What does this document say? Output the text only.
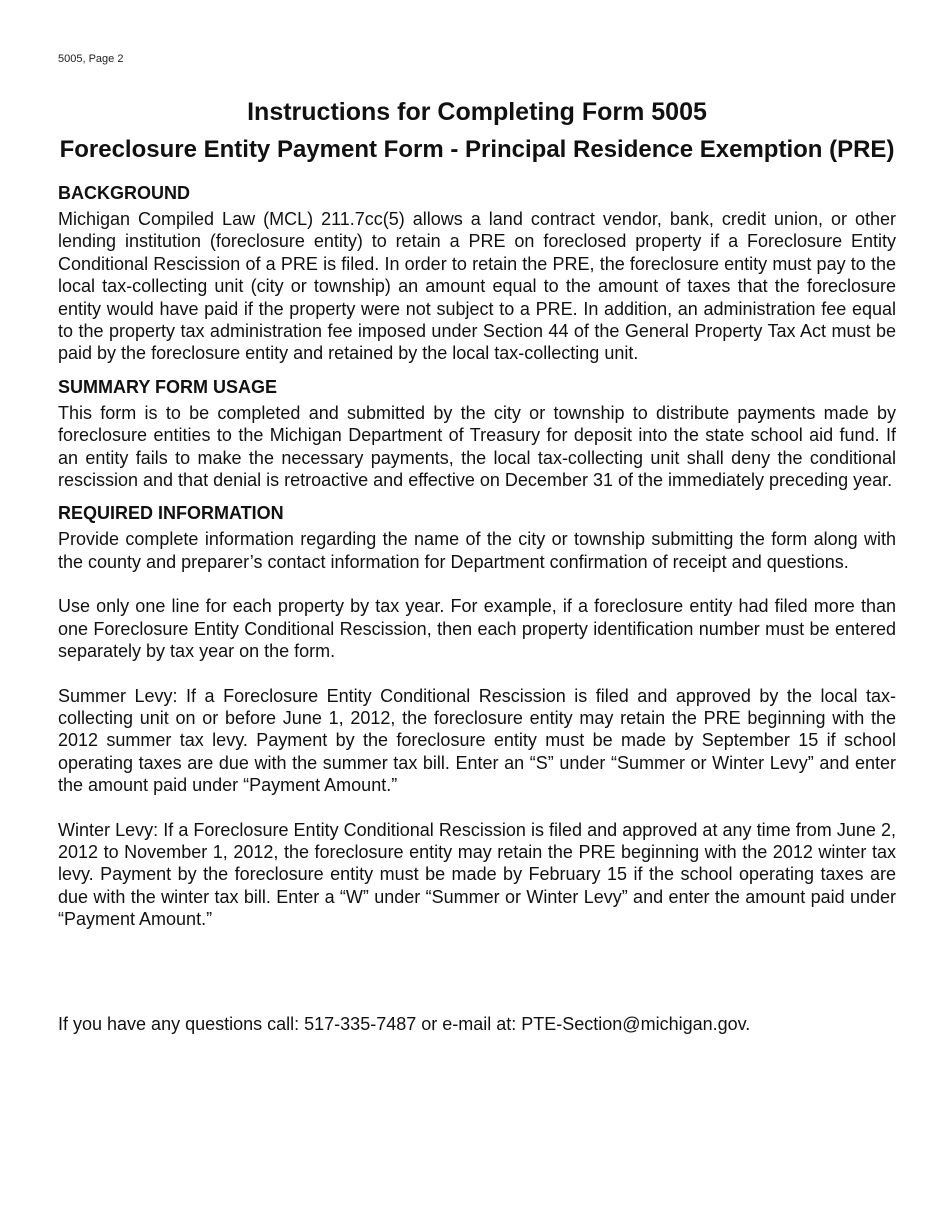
5005, Page 2
Instructions for Completing Form 5005
Foreclosure Entity Payment Form - Principal Residence Exemption (PRE)
BACKGROUND

Michigan Compiled Law (MCL) 211.7cc(5) allows a land contract vendor, bank, credit union, or other lending institution (foreclosure entity) to retain a PRE on foreclosed property if a Foreclosure Entity Conditional Rescission of a PRE is filed. In order to retain the PRE, the foreclosure entity must pay to the local tax-collecting unit (city or township) an amount equal to the amount of taxes that the foreclosure entity would have paid if the property were not subject to a PRE. In addition, an administration fee equal to the property tax administration fee imposed under Section 44 of the General Property Tax Act must be paid by the foreclosure entity and retained by the local tax-collecting unit.

SUMMARY FORM USAGE

This form is to be completed and submitted by the city or township to distribute payments made by foreclosure entities to the Michigan Department of Treasury for deposit into the state school aid fund. If an entity fails to make the necessary payments, the local tax-collecting unit shall deny the conditional rescission and that denial is retroactive and effective on December 31 of the immediately preceding year.

REQUIRED INFORMATION

Provide complete information regarding the name of the city or township submitting the form along with the county and preparer’s contact information for Department confirmation of receipt and questions.

Use only one line for each property by tax year. For example, if a foreclosure entity had filed more than one Foreclosure Entity Conditional Rescission, then each property identification number must be entered separately by tax year on the form.

Summer Levy: If a Foreclosure Entity Conditional Rescission is filed and approved by the local tax-collecting unit on or before June 1, 2012, the foreclosure entity may retain the PRE beginning with the 2012 summer tax levy. Payment by the foreclosure entity must be made by September 15 if school operating taxes are due with the summer tax bill. Enter an “S” under “Summer or Winter Levy” and enter the amount paid under “Payment Amount.”

Winter Levy: If a Foreclosure Entity Conditional Rescission is filed and approved at any time from June 2, 2012 to November 1, 2012, the foreclosure entity may retain the PRE beginning with the 2012 winter tax levy. Payment by the foreclosure entity must be made by February 15 if the school operating taxes are due with the winter tax bill. Enter a “W” under “Summer or Winter Levy” and enter the amount paid under “Payment Amount.”

If you have any questions call: 517-335-7487 or e-mail at: PTE-Section@michigan.gov.
